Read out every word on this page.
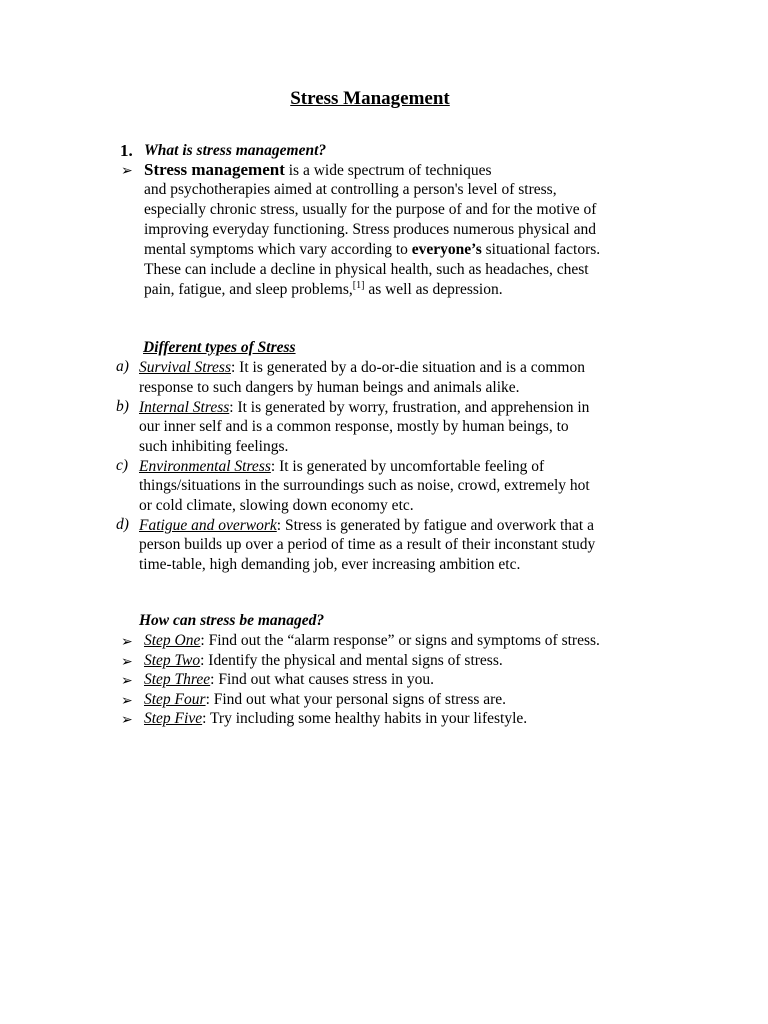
Stress Management
1. What is stress management?
➢ Stress management is a wide spectrum of techniques
and psychotherapies aimed at controlling a person's level of stress,
especially chronic stress, usually for the purpose of and for the motive of
improving everyday functioning. Stress produces numerous physical and
mental symptoms which vary according to everyone’s situational factors.
These can include a decline in physical health, such as headaches, chest
pain, fatigue, and sleep problems,[1] as well as depression.
Different types of Stress
a) Survival Stress: It is generated by a do-or-die situation and is a common
response to such dangers by human beings and animals alike.
b) Internal Stress: It is generated by worry, frustration, and apprehension in
our inner self and is a common response, mostly by human beings, to
such inhibiting feelings.
c) Environmental Stress: It is generated by uncomfortable feeling of
things/situations in the surroundings such as noise, crowd, extremely hot
or cold climate, slowing down economy etc.
d) Fatigue and overwork: Stress is generated by fatigue and overwork that a
person builds up over a period of time as a result of their inconstant study
time-table, high demanding job, ever increasing ambition etc.
How can stress be managed?
➢ Step One: Find out the “alarm response” or signs and symptoms of stress.
➢ Step Two: Identify the physical and mental signs of stress.
➢ Step Three: Find out what causes stress in you.
➢ Step Four: Find out what your personal signs of stress are.
➢ Step Five: Try including some healthy habits in your lifestyle.
